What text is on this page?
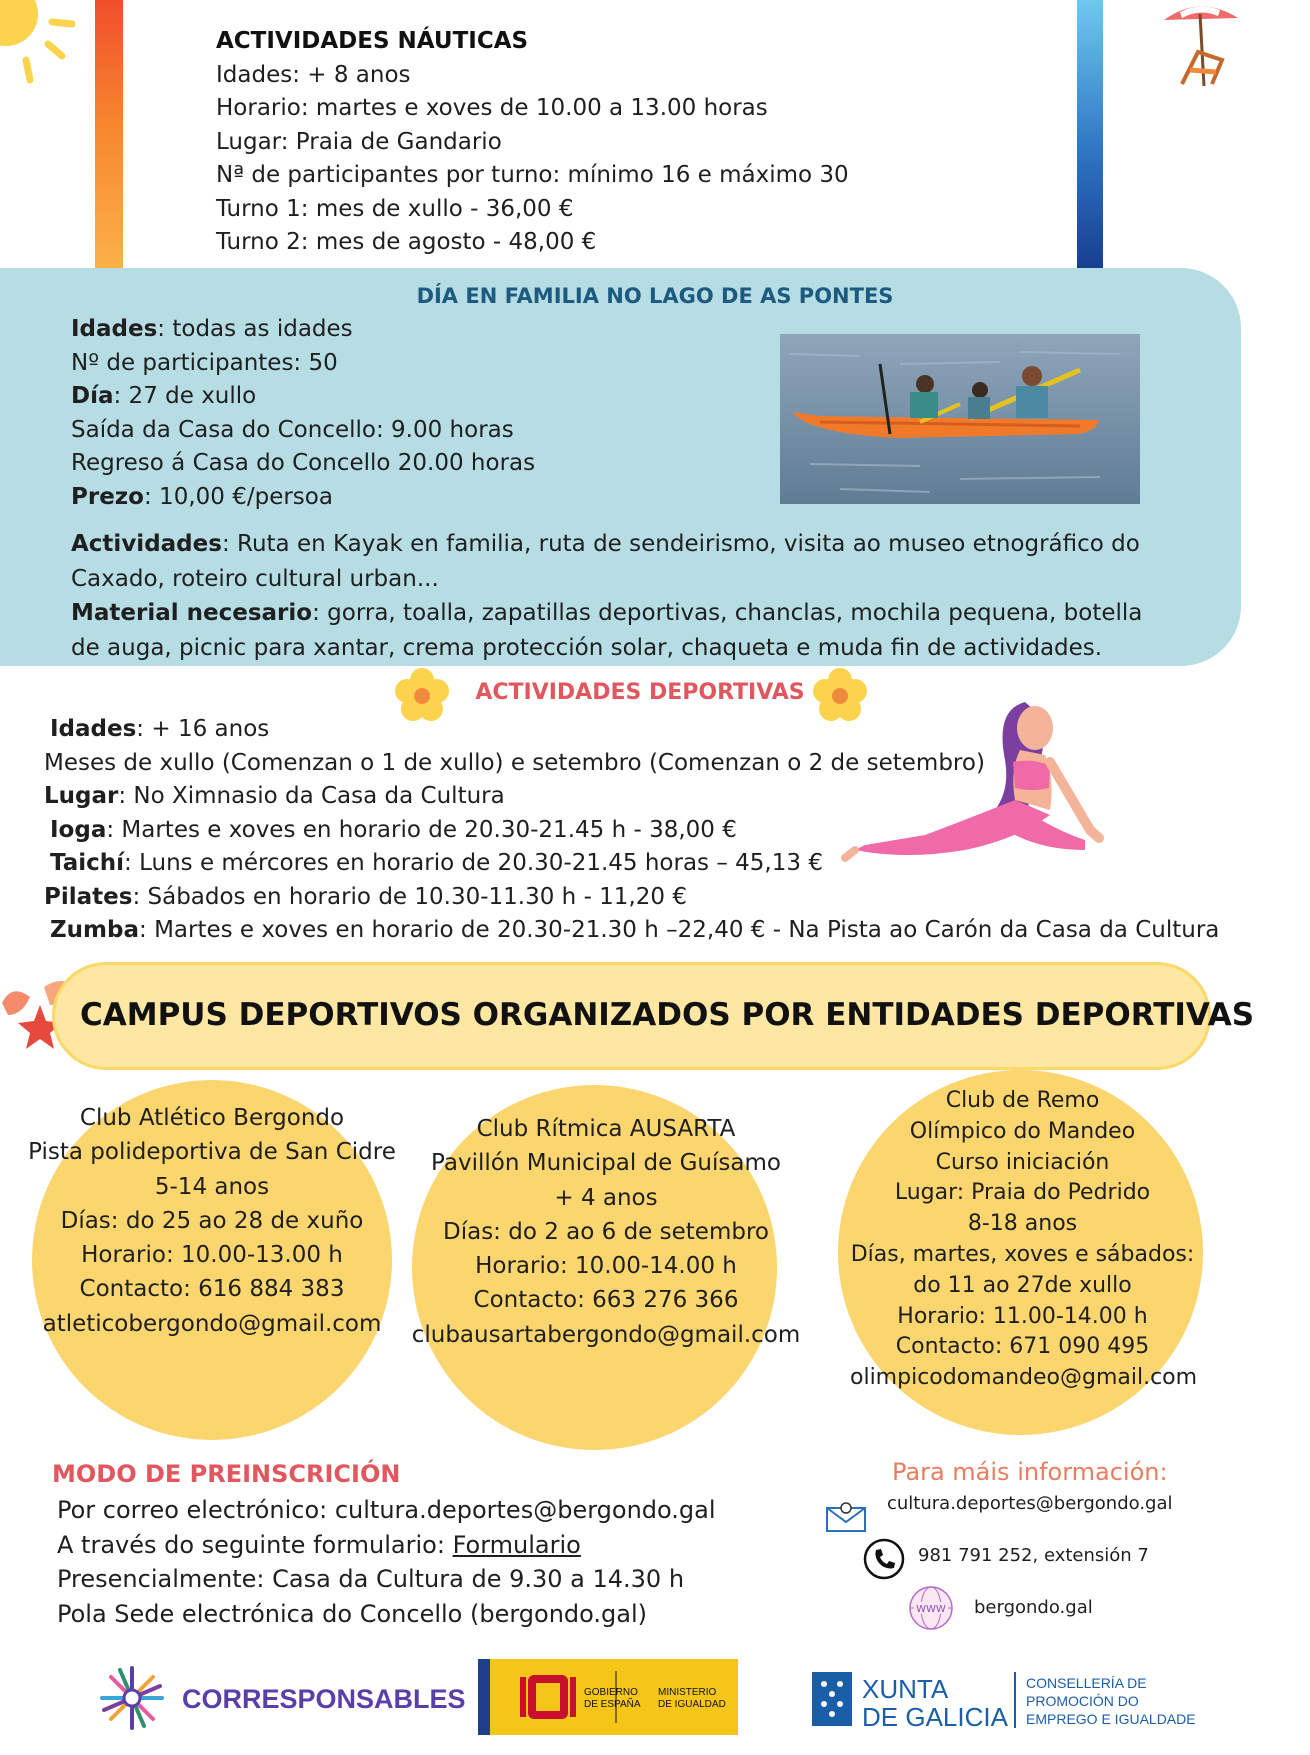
ACTIVIDADES NÁUTICAS
Idades: + 8 anos
Horario: martes e xoves de 10.00 a 13.00 horas
Lugar: Praia de Gandario
Nª de participantes por turno: mínimo 16 e máximo 30
Turno 1: mes de xullo - 36,00 €
Turno 2: mes de agosto - 48,00 €
DÍA EN FAMILIA NO LAGO DE AS PONTES
Idades: todas as idades
Nº de participantes: 50
Día: 27 de xullo
Saída da Casa do Concello: 9.00 horas
Regreso á Casa do Concello 20.00 horas
Prezo: 10,00 €/persoa
Actividades: Ruta en Kayak en familia, ruta de sendeirismo, visita ao museo etnográfico do Caxado, roteiro cultural urban...
Material necesario: gorra, toalla, zapatillas deportivas, chanclas, mochila pequena, botella de auga, picnic para xantar, crema protección solar, chaqueta e muda fin de actividades.
ACTIVIDADES DEPORTIVAS
Idades: + 16 anos
Meses de xullo (Comenzan o 1 de xullo) e setembro (Comenzan o 2 de setembro)
Lugar: No Ximnasio da Casa da Cultura
Ioga: Martes e xoves en horario de 20.30-21.45 h - 38,00 €
Taichí: Luns e mércores en horario de 20.30-21.45 horas – 45,13 €
Pilates: Sábados en horario de 10.30-11.30 h - 11,20 €
Zumba: Martes e xoves en horario de 20.30-21.30 h –22,40 € - Na Pista ao Carón da Casa da Cultura
CAMPUS DEPORTIVOS ORGANIZADOS POR ENTIDADES DEPORTIVAS
Club Atlético Bergondo
Pista polideportiva de San Cidre
5-14 anos
Días: do 25 ao 28 de xuño
Horario: 10.00-13.00 h
Contacto: 616 884 383
atleticobergondo@gmail.com
Club Rítmica AUSARTA
Pavillón Municipal de Guísamo
+ 4 anos
Días: do 2 ao 6 de setembro
Horario: 10.00-14.00 h
Contacto: 663 276 366
clubausartabergondo@gmail.com
Club de Remo
Olímpico do Mandeo
Curso iniciación
Lugar: Praia do Pedrido
8-18 anos
Días, martes, xoves e sábados:
do 11 ao 27de xullo
Horario: 11.00-14.00 h
Contacto: 671 090 495
olimpicodomandeo@gmail.com
MODO DE PREINSCRICIÓN
Por correo electrónico: cultura.deportes@bergondo.gal
A través do seguinte formulario: Formulario
Presencialmente: Casa da Cultura de 9.30 a 14.30 h
Pola Sede electrónica do Concello (bergondo.gal)
Para máis información:
cultura.deportes@bergondo.gal
981 791 252, extensión 7
WWW bergondo.gal
CORRESPONSABLES	GOBIERNO
DE ESPAÑA
MINISTERIO
DE IGUALDAD
XUNTA
DE GALICIA
CONSELLERÍA DE
PROMOCIÓN DO
EMPREGO E IGUALDADE
